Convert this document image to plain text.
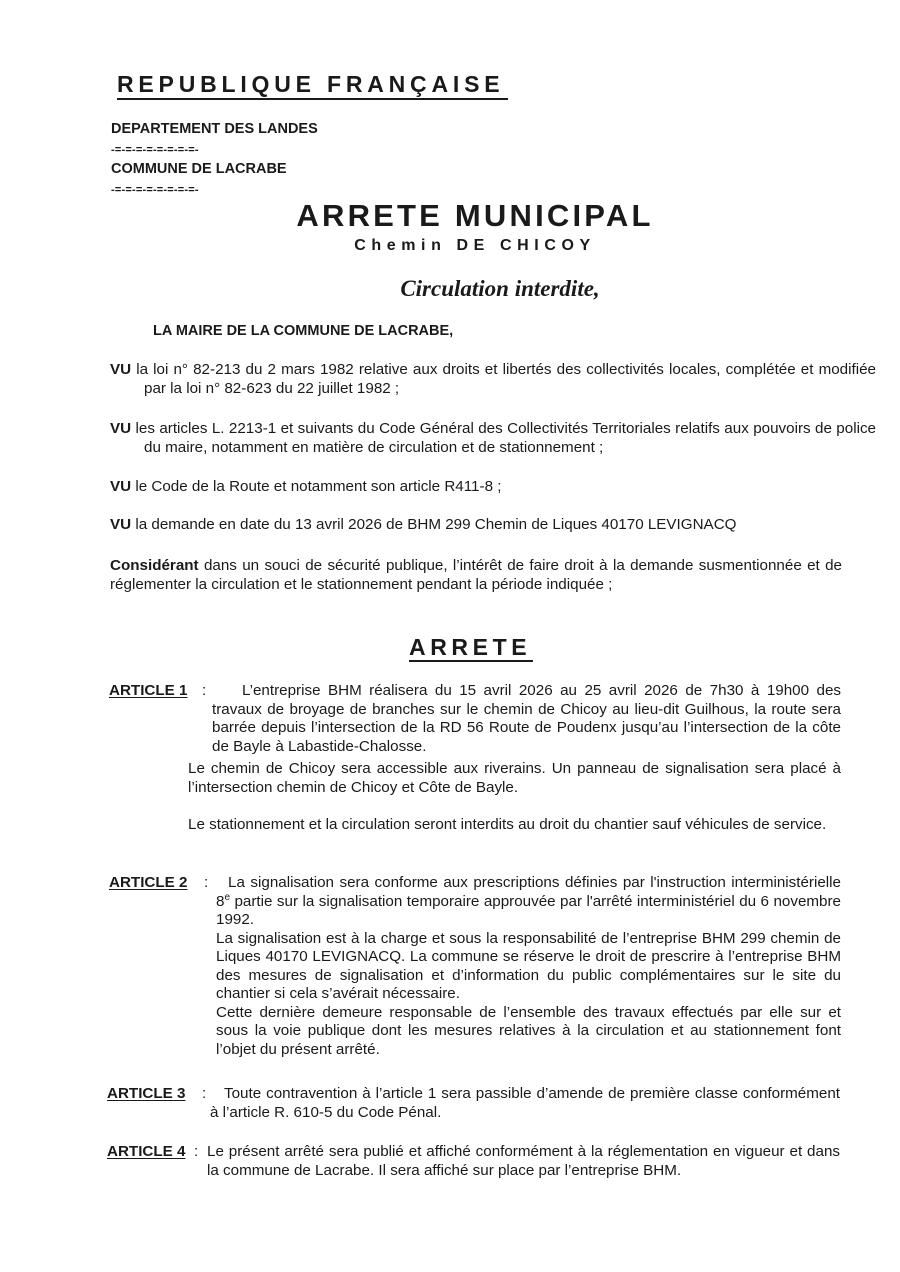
REPUBLIQUE FRANÇAISE
DEPARTEMENT DES LANDES
-=-=-=-=-=-=-=-=-
COMMUNE DE LACRABE
-=-=-=-=-=-=-=-=-
ARRETE MUNICIPAL
Chemin DE CHICOY
Circulation interdite,
LA MAIRE DE LA COMMUNE DE LACRABE,
VU la loi n° 82-213 du 2 mars 1982 relative aux droits et libertés des collectivités locales, complétée et modifiée par la loi n° 82-623 du 22 juillet 1982 ;
VU les articles L. 2213-1 et suivants du Code Général des Collectivités Territoriales relatifs aux pouvoirs de police du maire, notamment en matière de circulation et de stationnement ;
VU le Code de la Route et notamment son article R411-8 ;
VU la demande en date du 13 avril 2026 de BHM 299 Chemin de Liques 40170 LEVIGNACQ
Considérant dans un souci de sécurité publique, l’intérêt de faire droit à la demande susmentionnée et de réglementer la circulation et le stationnement pendant la période indiquée ;
ARRETE
ARTICLE 1 :	L’entreprise BHM réalisera du 15 avril 2026 au 25 avril 2026 de 7h30 à 19h00 des travaux de broyage de branches sur le chemin de Chicoy au lieu-dit Guilhous, la route sera barrée depuis l’intersection de la RD 56 Route de Poudenx jusqu’au l’intersection de la côte de Bayle à Labastide-Chalosse.
Le chemin de Chicoy sera accessible aux riverains. Un panneau de signalisation sera placé à l’intersection chemin de Chicoy et Côte de Bayle.
Le stationnement et la circulation seront interdits au droit du chantier sauf véhicules de service.
ARTICLE 2 :	La signalisation sera conforme aux prescriptions définies par l'instruction interministérielle 8e partie sur la signalisation temporaire approuvée par l'arrêté interministériel du 6 novembre 1992.
La signalisation est à la charge et sous la responsabilité de l’entreprise BHM 299 chemin de Liques 40170 LEVIGNACQ. La commune se réserve le droit de prescrire à l’entreprise BHM des mesures de signalisation et d’information du public complémentaires sur le site du chantier si cela s’avérait nécessaire.
Cette dernière demeure responsable de l’ensemble des travaux effectués par elle sur et sous la voie publique dont les mesures relatives à la circulation et au stationnement font l’objet du présent arrêté.
ARTICLE 3 :	Toute contravention à l’article 1 sera passible d’amende de première classe conformément à l’article R. 610-5 du Code Pénal.
ARTICLE 4 : Le présent arrêté sera publié et affiché conformément à la réglementation en vigueur et dans la commune de Lacrabe. Il sera affiché sur place par l’entreprise BHM.
